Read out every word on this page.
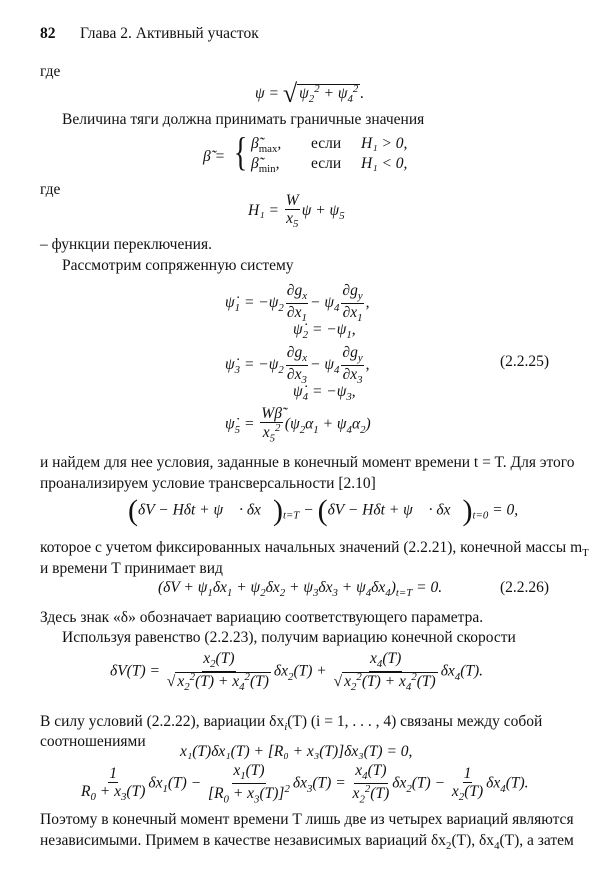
82 Глава 2. Активный участок
где
ψ = √ $\psi_2^2 + \psi_4^2$ .
Величина тяги должна принимать граничные значения
β̃ = { $\betã_{max}$, если H₁ > 0,
$\betã_{min}$, если H₁ < 0,
где
$H_1 = \frac{W}{x_5}$ $\psi + \psi_5$
– функции переключения.
Рассмотрим сопряженную систему
$\psi̇_1 = -\psi_2 \frac{\partial g_x}{\partial x_1} - \psi_4 \frac{\partial g_y}{\partial x_1}$ ,
$\psi̇_2 = -\psi_1$,
$\psi̇_3 = -\psi_2 \frac{\partial g_x}{\partial x_3} - \psi_4 \frac{\partial g_y}{\partial x_3}$ ,	(2.2.25)
$\psi̇_4 = -\psi_3$,
$\psi̇_5 = \frac{W\betã}{x_5^2} (\psi_2\alpha_1 + \psi_4\alpha_2)$
и найдем для нее условия, заданные в конечный момент времени t = T. Для этого
проанализируем условие трансверсальности [2.10]
(δV − Hδt + ψ⃗ · $\delta x⃗)_{t=T} - (\delta V - H\delta t$ + ψ⃗ · $\delta x⃗)_{t=0} = 0$,
которое с учетом фиксированных начальных значений (2.2.21), конечной массы $m_T$
и времени T принимает вид
$(\delta V + \psi_1\delta x_1 + \psi_2\delta x_2 + \psi_3\delta x_3 + \psi_4\delta x_4)_{t=T} = 0$.	(2.2.26)
Здесь знак «δ» обозначает вариацию соответствующего параметра.
Используя равенство (2.2.23), получим вариацию конечной скорости
$\delta V(T) = \frac{x_2(T)}{√ x_2^2(T) + x_4^2(T)} \delta x_2(T) + \frac{x_4(T)}{√ x_2^2(T) + x_4^2(T)} \delta x_4(T)$.
В силу условий (2.2.22), вариации $\delta x_i(T) (i = 1$, . . . , 4) связаны между собой
соотношениями
x₁(T)δx₁(T) + [R₀ + x₃(T)]δx₃(T) = 0,
$\frac{1}{R_0 + x_3(T)} \delta x_1(T) - \frac{x_1(T)}{[R_0 + x_3(T)]^2} \delta x_3(T) = \frac{x_4(T)}{x_2^2(T)} \delta x_2(T) - \frac{1}{x_2(T)} \delta x_4(T)$.
Поэтому в конечный момент времени T лишь две из четырех вариаций являются
независимыми. Примем в качестве независимых вариаций $\delta x_2(T)$, $\delta x_4(T)$, а затем
